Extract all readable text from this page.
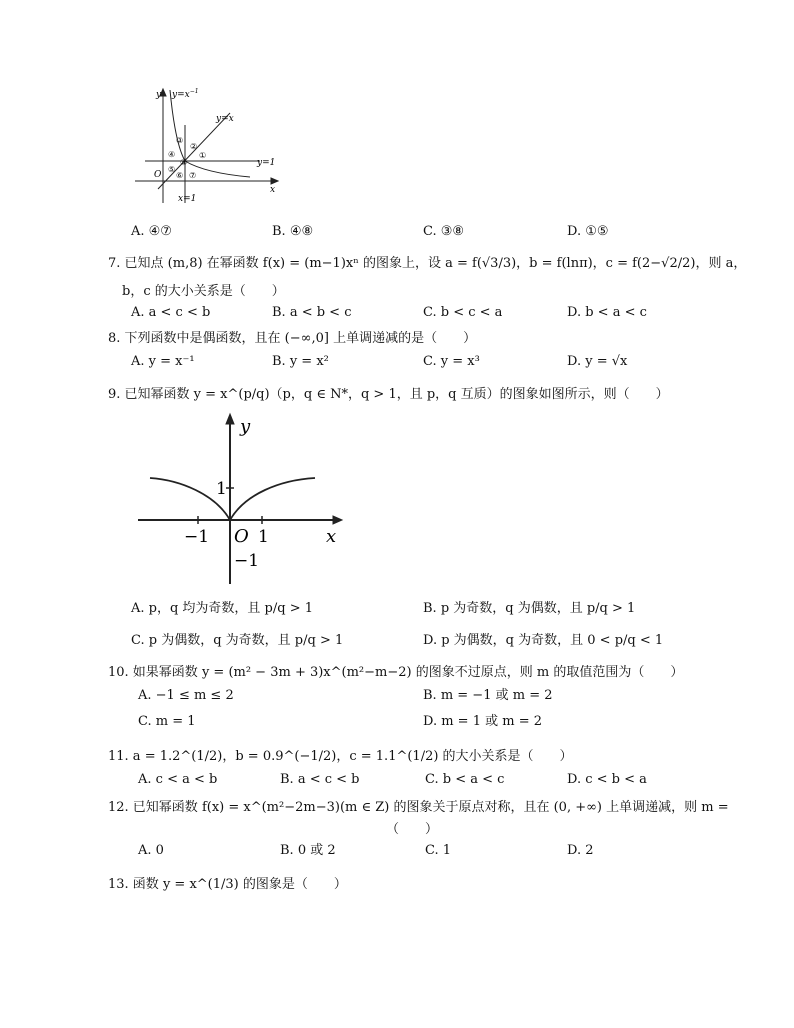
y $y=x^{-1}$
y=x
y=1
x
O
x=1
①
②
③
④
⑤
⑥ ⑦
⑧
A. ④⑦	B. ④⑧	C. ③⑧	D. ①⑤
7. 已知点 (m,8) 在幂函数 f(x) = (m−1)xⁿ 的图象上，设 a = f(√3/3)，b = f(lnπ)，c = f(2−√2/2)，则 a，
b，c 的大小关系是（　　）
A. a < c < b	B. a < b < c	C. b < c < a	D. b < a < c
8. 下列函数中是偶函数，且在 (−∞,0] 上单调递减的是（　　）
A. y = x⁻¹	B. y = x²	C. y = x³	D. y = √x
9. 已知幂函数 y = x^(p/q)（p，q ∈ N*，q > 1，且 p，q 互质）的图象如图所示，则（　　）
y
x
O
1
−1	1
−1
A. p，q 均为奇数，且 p/q > 1	B. p 为奇数，q 为偶数，且 p/q > 1
C. p 为偶数，q 为奇数，且 p/q > 1	D. p 为偶数，q 为奇数，且 0 < p/q < 1
10. 如果幂函数 y = (m² − 3m + 3)x^(m²−m−2) 的图象不过原点，则 m 的取值范围为（　　）
A. −1 ≤ m ≤ 2	B. m = −1 或 m = 2
C. m = 1	D. m = 1 或 m = 2
11. a = 1.2^(1/2)，b = 0.9^(−1/2)，c = 1.1^(1/2) 的大小关系是（　　）
A. c < a < b	B. a < c < b	C. b < a < c	D. c < b < a
12. 已知幂函数 f(x) = x^(m²−2m−3)(m ∈ Z) 的图象关于原点对称，且在 (0, +∞) 上单调递减，则 m =
（　　）
A. 0	B. 0 或 2	C. 1	D. 2
13. 函数 y = x^(1/3) 的图象是（　　）
